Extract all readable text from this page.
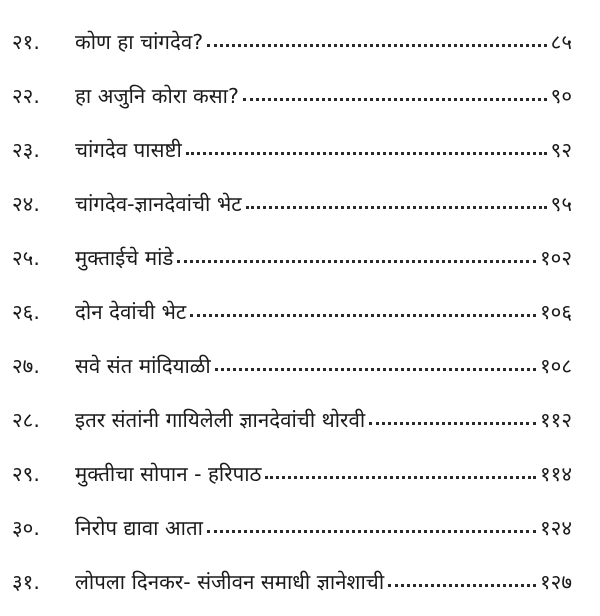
२१. कोण हा चांगदेव?	८५
२२. हा अजुनि कोरा कसा?	९०
२३. चांगदेव पासष्टी	९२
२४. चांगदेव-ज्ञानदेवांची भेट	९५
२५. मुक्ताईचे मांडे	१०२
२६. दोन देवांची भेट	१०६
२७. सवे संत मांदियाळी	१०८
२८. इतर संतांनी गायिलेली ज्ञानदेवांची थोरवी	११२
२९. मुक्तीचा सोपान - हरिपाठ	११४
३०. निरोप द्यावा आता	१२४
३१. लोपला दिनकर- संजीवन समाधी ज्ञानेशाची	१२७
